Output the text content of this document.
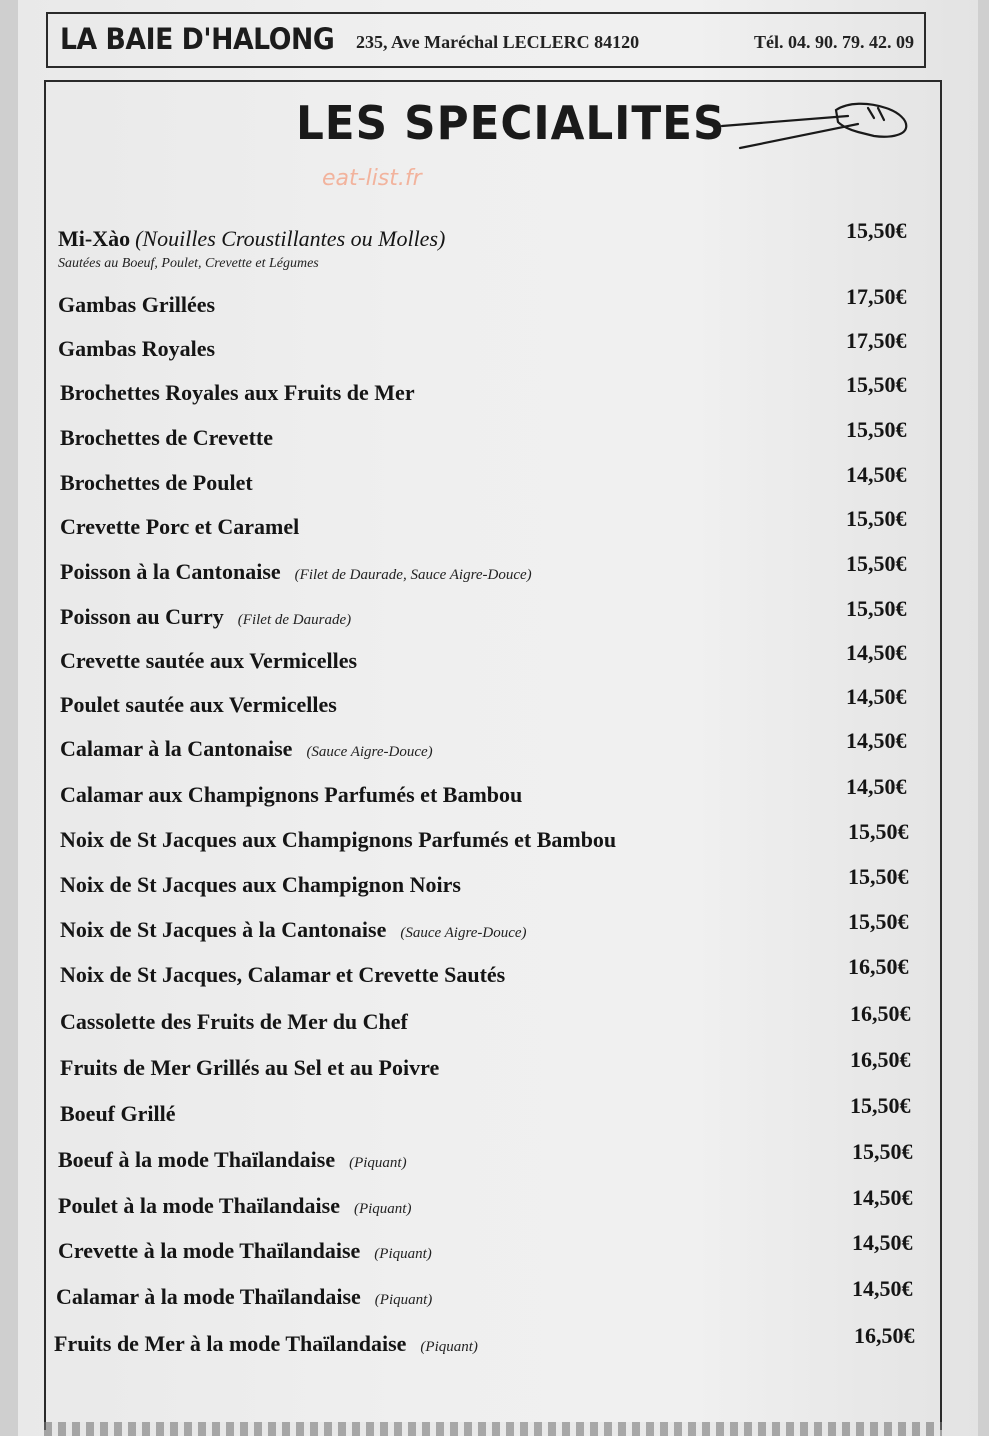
LA BAIE D'HALONG 235, Ave Maréchal LECLERC 84120	Tél. 04. 90. 79. 42. 09
LES SPECIALITES
eat-list.fr
Mi-Xào (Nouilles Croustillantes ou Molles)
Sautées au Boeuf, Poulet, Crevette et Légumes
15,50€
Gambas Grillées	17,50€
Gambas Royales	17,50€
Brochettes Royales aux Fruits de Mer	15,50€
Brochettes de Crevette	15,50€
Brochettes de Poulet	14,50€
Crevette Porc et Caramel	15,50€
Poisson à la Cantonaise (Filet de Daurade, Sauce Aigre-Douce)	15,50€
Poisson au Curry (Filet de Daurade)	15,50€
Crevette sautée aux Vermicelles	14,50€
Poulet sautée aux Vermicelles	14,50€
Calamar à la Cantonaise (Sauce Aigre-Douce)	14,50€
Calamar aux Champignons Parfumés et Bambou	14,50€
Noix de St Jacques aux Champignons Parfumés et Bambou	15,50€
Noix de St Jacques aux Champignon Noirs	15,50€
Noix de St Jacques à la Cantonaise (Sauce Aigre-Douce)	15,50€
Noix de St Jacques, Calamar et Crevette Sautés	16,50€
Cassolette des Fruits de Mer du Chef	16,50€
Fruits de Mer Grillés au Sel et au Poivre	16,50€
Boeuf Grillé	15,50€
Boeuf à la mode Thaïlandaise (Piquant)	15,50€
Poulet à la mode Thaïlandaise (Piquant)	14,50€
Crevette à la mode Thaïlandaise (Piquant)	14,50€
Calamar à la mode Thaïlandaise (Piquant)	14,50€
Fruits de Mer à la mode Thaïlandaise (Piquant)	16,50€
